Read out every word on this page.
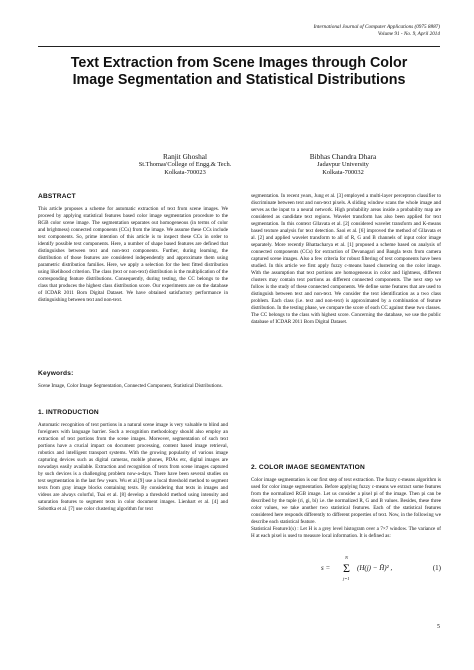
International Journal of Computer Applications (0975 8887)
Volume 91 - No. 9, April 2014
Text Extraction from Scene Images through Color
Image Segmentation and Statistical Distributions
Ranjit Ghoshal
St.Thomas'College of Engg.& Tech.
Kolkata-700023
Bibhas Chandra Dhara
Jadavpur University
Kolkata-700032
ABSTRACT

This article proposes a scheme for automatic extraction of text from scene images. We proceed by applying statistical features based color image segmentation procedure to the RGB color scene image. The segmentation separates out homogeneous (in terms of color and brightness) connected components (CCs) from the image. We assume these CCs include text components. So, prime intention of this article is to inspect these CCs in order to identify possible text components. Here, a number of shape based features are defined that distinguishes between text and non-text components. Further, during learning, the distribution of those features are considered independently and approximate them using parametric distribution families. Here, we apply a selection for the best fitted distribution using likelihood criterion. The class (text or non-text) distribution is the multiplication of the corresponding feature distributions. Consequently, during testing, the CC belongs to the class that produces the highest class distribution score. Our experiments are on the database of ICDAR 2011 Born Digital Dataset. We have obtained satisfactory performance in distinguishing between text and non-text.

Keywords:

Scene Image, Color Image Segmentation, Connected Component, Statistical Distributions.

1. INTRODUCTION

Automatic recognition of text portions in a natural scene image is very valuable to blind and foreigners with language barrier. Such a recognition methodology should also employ an extraction of text portions from the scene images. Moreover, segmentation of such text portions have a crucial impact on document processing, content based image retrieval, robotics and intelligent transport systems. With the growing popularity of various image capturing devices such as digital cameras, mobile phones, PDAs etc, digital images are nowadays easily available. Extraction and recognition of texts from scene images captured by such devices is a challenging problem now-a-days. There have been several studies on text segmentation in the last few years. Wu et al.[9] use a local threshold method to segment texts from gray image blocks containing texts. By considering that texts in images and videos are always colorful, Tsai et al. [8] develop a threshold method using intensity and saturation features to segment texts in color document images. Lienhart et al. [4] and Sobottka et al. [7] use color clustering algorithm for text

segmentation. In recent years, Jung et al. [3] employed a multi-layer perceptron classifier to discriminate between text and non-text pixels. A sliding window scans the whole image and serves as the input to a neural network. High probability areas inside a probability map are considered as candidate text regions. Wavelet transform has also been applied for text segmentation. In this context Gllavata et al. [2] considered wavelet transform and K-means based texture analysis for text detection. Saoi et al. [6] improved the method of Gllavata et al. [2] and applied wavelet transform to all of R, G and B channels of input color image separately. More recently Bhattacharya et al. [1] proposed a scheme based on analysis of connected components (CCs) for extraction of Devanagari and Bangla texts from camera captured scene images. Also a few criteria for robust filtering of text components have been studied. In this article we first apply fuzzy c-means based clustering on the color image. With the assumption that text portions are homogeneous in color and lightness, different clusters may contain text portions as different connected components. The next step we follow is the study of these connected components. We define some features that are used to distinguish between text and non-text. We consider the text identification as a two class problem. Each class (i.e. text and non-text) is approximated by a combination of feature distribution. In the testing phase, we compare the score of each CC against these two classes. The CC belongs to the class with highest score. Concerning the database, we use the public database of ICDAR 2011 Born Digital Dataset.

2. COLOR IMAGE SEGMENTATION

Color image segmentation is our first step of text extraction. The fuzzy c-means algorithm is used for color image segmentation. Before applying fuzzy c-means we extract some features from the normalized RGB image. Let us consider a pixel pi of the image. Then pi can be described by the tuple (ri, gi, bi) i.e. the normalized R, G and B values. Besides, these three color values, we take another two statistical features. Each of the statistical features considered here responds differently to different properties of text. Now, in the following we describe each statistical feature.

Statistical Feature1(s) : Let H is a grey level histogram over a 7×7 window. The variance of H at each pixel is used to measure local information. It is defined as:

s =
N
Σ
j=1
(H(j) − H̄)² ,	(1)
5
